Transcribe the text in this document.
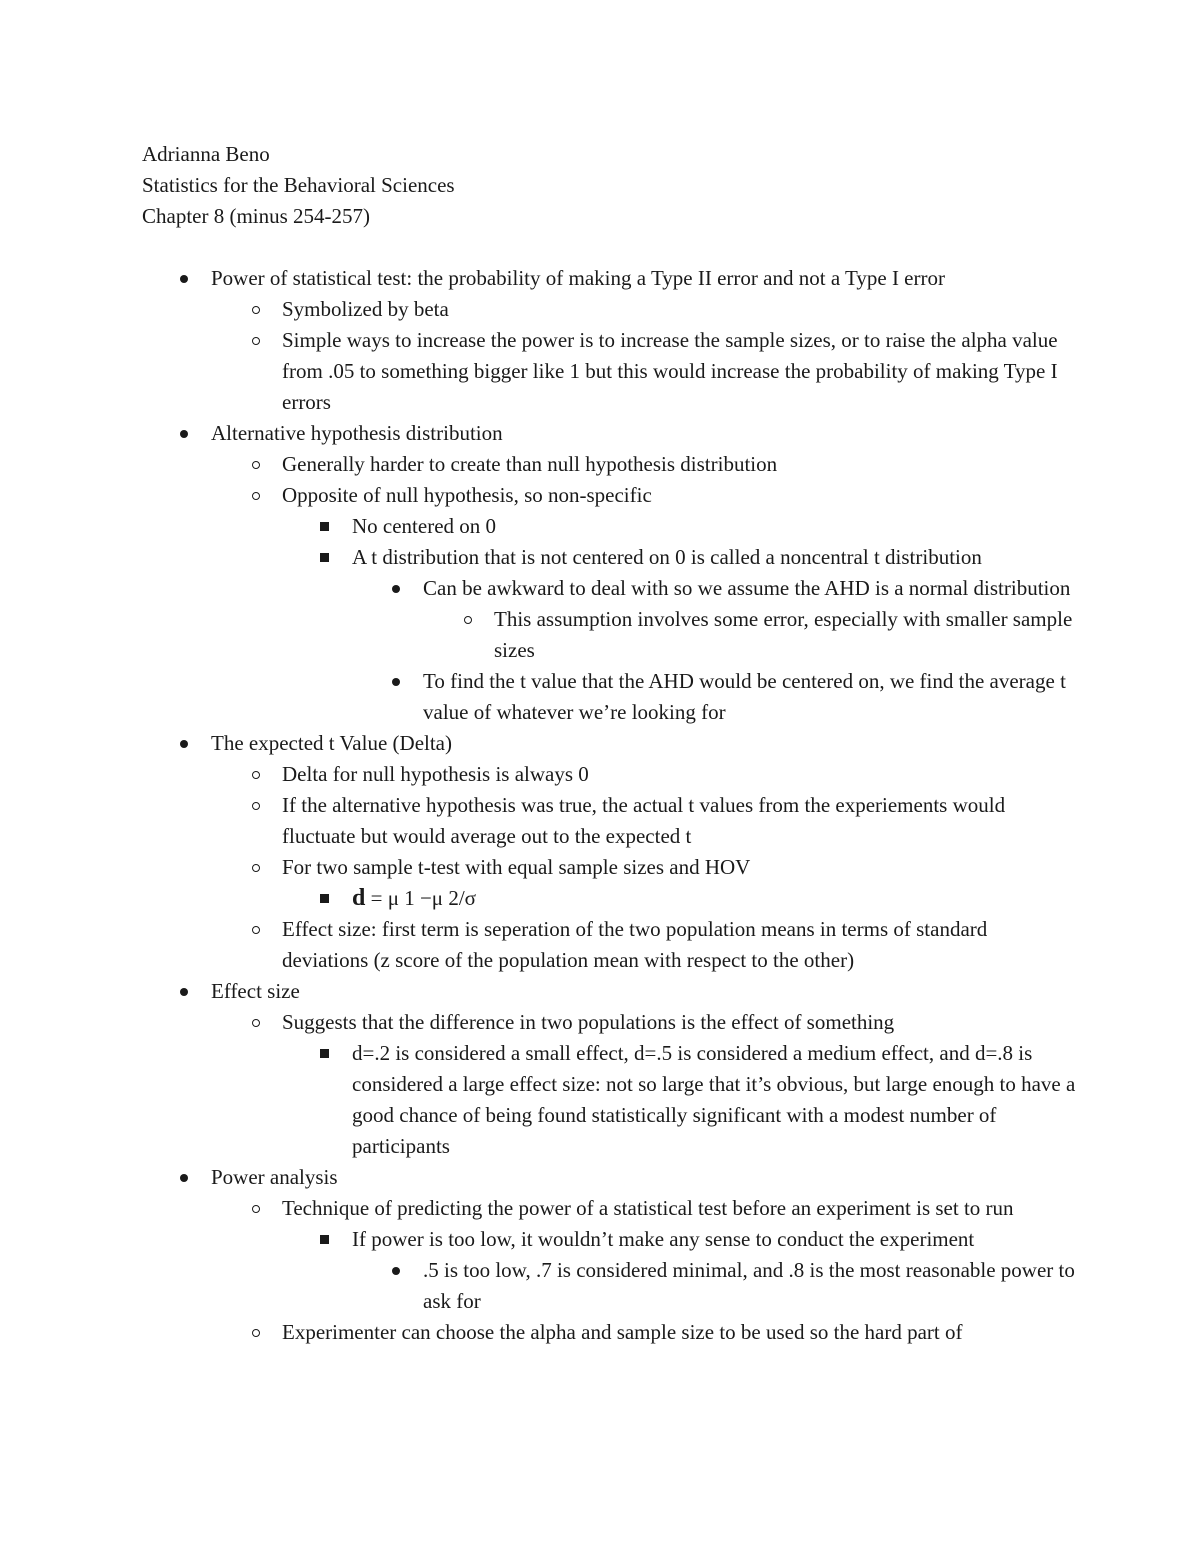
Adrianna Beno

Statistics for the Behavioral Sciences

Chapter 8 (minus 254-257)

Power of statistical test: the probability of making a Type II error and not a Type I error
Symbolized by beta
Simple ways to increase the power is to increase the sample sizes, or to raise the alpha value from .05 to something bigger like 1 but this would increase the probability of making Type I errors
Alternative hypothesis distribution
Generally harder to create than null hypothesis distribution
Opposite of null hypothesis, so non-specific
No centered on 0
A t distribution that is not centered on 0 is called a noncentral t distribution
Can be awkward to deal with so we assume the AHD is a normal distribution
This assumption involves some error, especially with smaller sample sizes
To find the t value that the AHD would be centered on, we find the average t value of whatever we’re looking for
The expected t Value (Delta)
Delta for null hypothesis is always 0
If the alternative hypothesis was true, the actual t values from the experiements would fluctuate but would average out to the expected t
For two sample t-test with equal sample sizes and HOV
d = μ 1 −μ 2/σ
Effect size: first term is seperation of the two population means in terms of standard deviations (z score of the population mean with respect to the other)
Effect size
Suggests that the difference in two populations is the effect of something
d=.2 is considered a small effect, d=.5 is considered a medium effect, and d=.8 is considered a large effect size: not so large that it’s obvious, but large enough to have a good chance of being found statistically significant with a modest number of participants
Power analysis
Technique of predicting the power of a statistical test before an experiment is set to run
If power is too low, it wouldn’t make any sense to conduct the experiment
.5 is too low, .7 is considered minimal, and .8 is the most reasonable power to ask for
Experimenter can choose the alpha and sample size to be used so the hard part of
